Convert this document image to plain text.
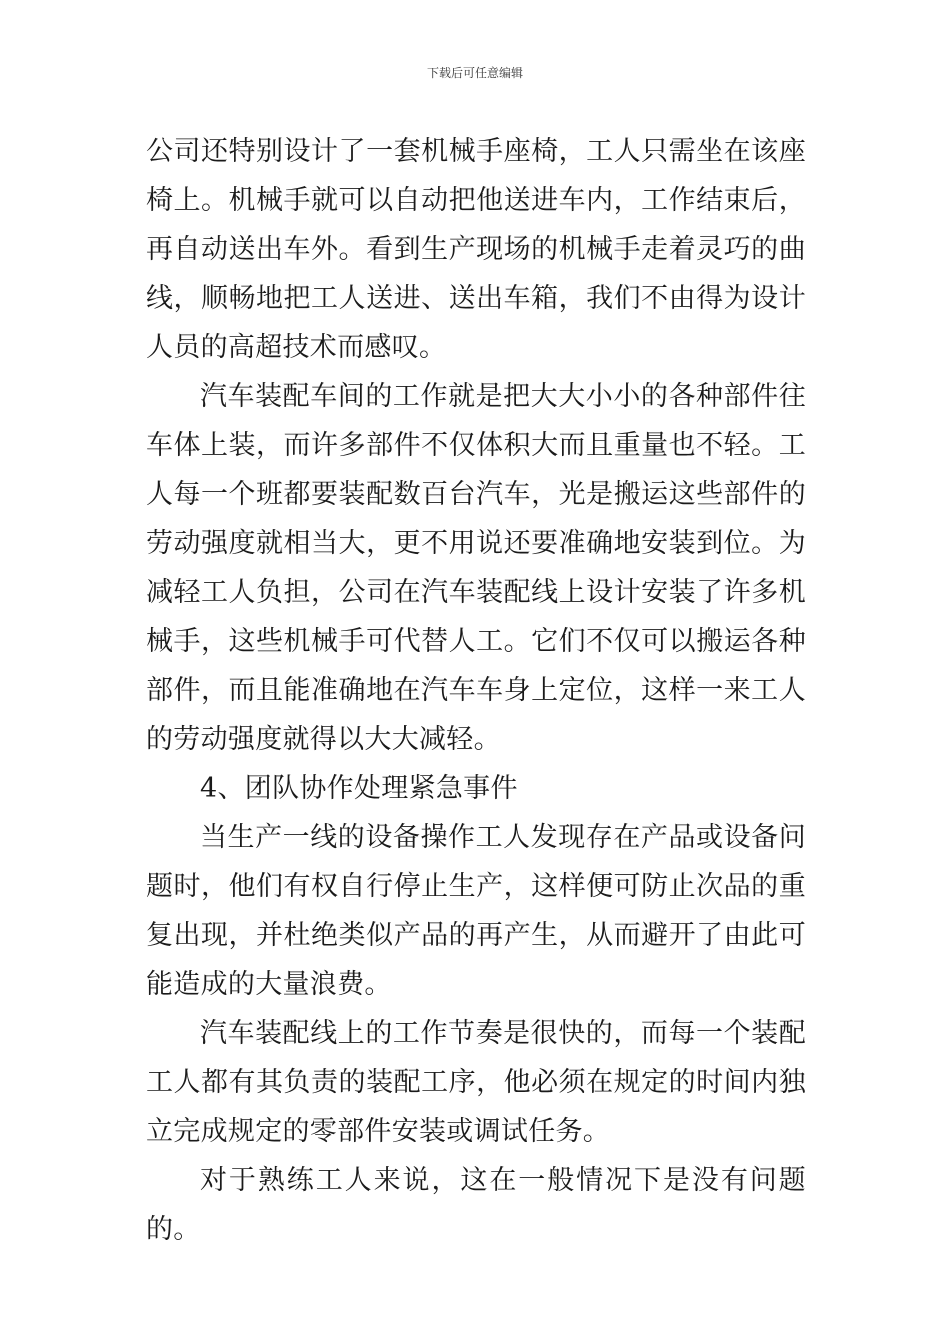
下载后可任意编辑

公司还特别设计了一套机械手座椅，工人只需坐在该座椅上。机械手就可以自动把他送进车内，工作结束后，再自动送出车外。看到生产现场的机械手走着灵巧的曲线，顺畅地把工人送进、送出车箱，我们不由得为设计人员的高超技术而感叹。

汽车装配车间的工作就是把大大小小的各种部件往车体上装，而许多部件不仅体积大而且重量也不轻。工人每一个班都要装配数百台汽车，光是搬运这些部件的劳动强度就相当大，更不用说还要准确地安装到位。为减轻工人负担，公司在汽车装配线上设计安装了许多机械手，这些机械手可代替人工。它们不仅可以搬运各种部件，而且能准确地在汽车车身上定位，这样一来工人的劳动强度就得以大大减轻。

4、团队协作处理紧急事件

当生产一线的设备操作工人发现存在产品或设备问题时，他们有权自行停止生产，这样便可防止次品的重复出现，并杜绝类似产品的再产生，从而避开了由此可能造成的大量浪费。

汽车装配线上的工作节奏是很快的，而每一个装配工人都有其负责的装配工序，他必须在规定的时间内独立完成规定的零部件安装或调试任务。

对于熟练工人来说，这在一般情况下是没有问题的。
